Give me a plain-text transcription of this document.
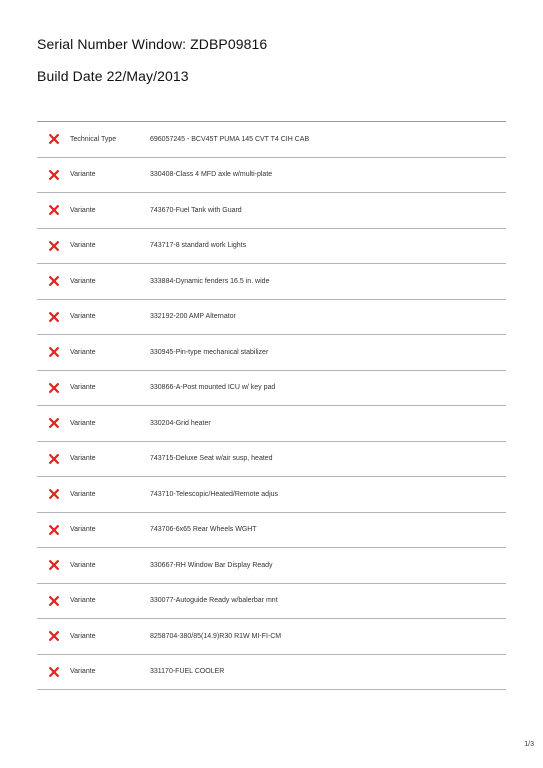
Serial Number Window: ZDBP09816
Build Date 22/May/2013
Technical Type	696057245 - BCV45T PUMA 145 CVT T4 CIH CAB
Variante	330408-Class 4 MFD axle w/multi-plate
Variante	743670-Fuel Tank with Guard
Variante	743717-8 standard work Lights
Variante	333884-Dynamic fenders 16.5 in. wide
Variante	332192-200 AMP Alternator
Variante	330945-Pin-type mechanical stabilizer
Variante	330866-A-Post mounted ICU w/ key pad
Variante	330204-Grid heater
Variante	743715-Deluxe Seat w/air susp, heated
Variante	743710-Telescopic/Heated/Remote adjus
Variante	743706-6x65 Rear Wheels WGHT
Variante	330667-RH Window Bar Display Ready
Variante	330077-Autoguide Ready w/balerbar mnt
Variante	8258704-380/85(14.9)R30 R1W MI-FI-CM
Variante	331170-FUEL COOLER
1/3
